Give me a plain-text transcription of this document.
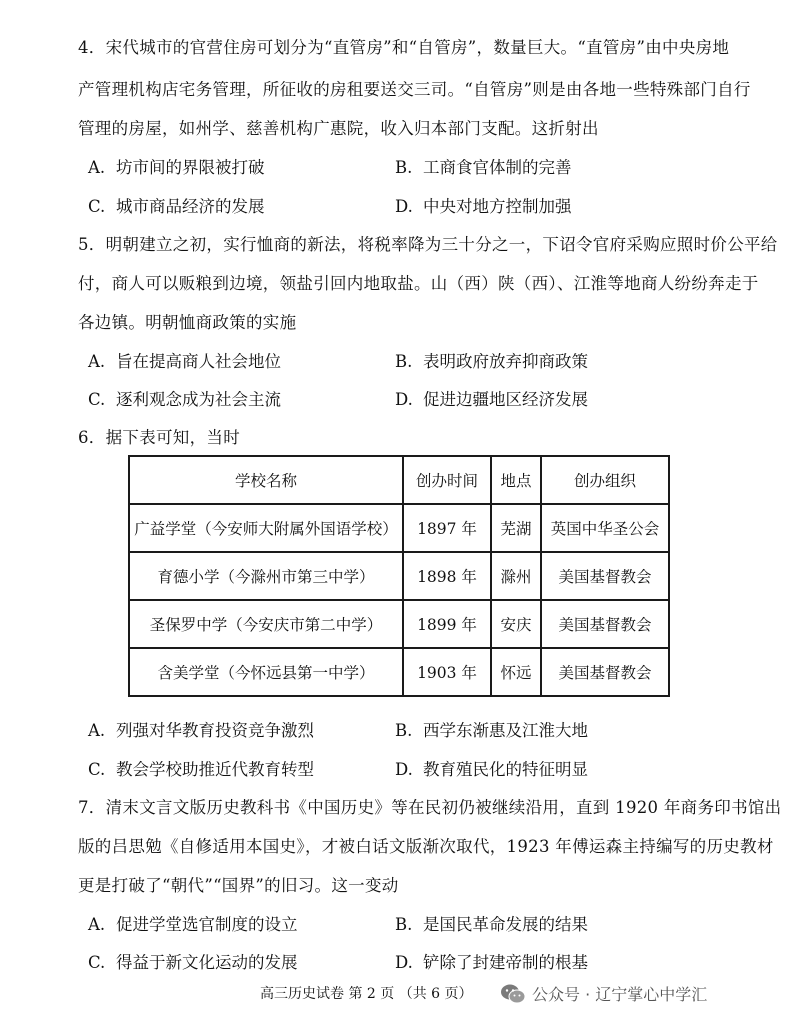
4．宋代城市的官营住房可划分为“直管房”和“自管房”，数量巨大。“直管房”由中央房地
产管理机构店宅务管理，所征收的房租要送交三司。“自管房”则是由各地一些特殊部门自行
管理的房屋，如州学、慈善机构广惠院，收入归本部门支配。这折射出
A. 坊市间的界限被打破	B. 工商食官体制的完善
C. 城市商品经济的发展	D. 中央对地方控制加强
5．明朝建立之初，实行恤商的新法，将税率降为三十分之一，下诏令官府采购应照时价公平给
付，商人可以贩粮到边境，领盐引回内地取盐。山（西）陕（西）、江淮等地商人纷纷奔走于
各边镇。明朝恤商政策的实施
A. 旨在提高商人社会地位	B. 表明政府放弃抑商政策
C. 逐利观念成为社会主流	D. 促进边疆地区经济发展
6．据下表可知，当时
学校名称	创办时间	地点	创办组织
广益学堂（今安师大附属外国语学校）	1897 年	芜湖	英国中华圣公会
育德小学（今滁州市第三中学）	1898 年	滁州	美国基督教会
圣保罗中学（今安庆市第二中学）	1899 年	安庆	美国基督教会
含美学堂（今怀远县第一中学）	1903 年	怀远	美国基督教会
A. 列强对华教育投资竞争激烈	B. 西学东渐惠及江淮大地
C. 教会学校助推近代教育转型	D. 教育殖民化的特征明显
7．清末文言文版历史教科书《中国历史》等在民初仍被继续沿用，直到 1920 年商务印书馆出
版的吕思勉《自修适用本国史》，才被白话文版渐次取代，1923 年傅运森主持编写的历史教材
更是打破了“朝代”“国界”的旧习。这一变动
A. 促进学堂选官制度的设立	B. 是国民革命发展的结果
C. 得益于新文化运动的发展	D. 铲除了封建帝制的根基
高三历史试卷 第 2 页 （共 6 页）	公众号 · 辽宁掌心中学汇
